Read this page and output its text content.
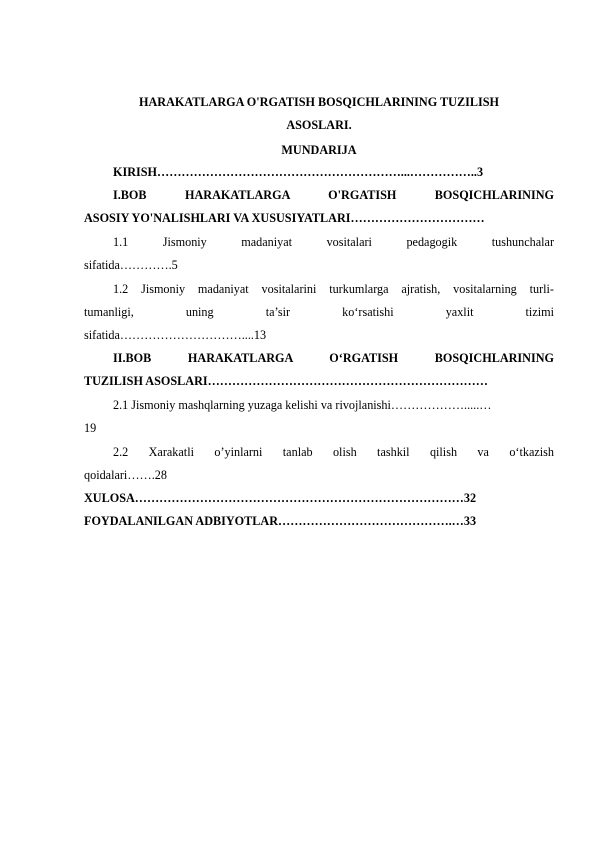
HARAKATLARGA O'RGATISH BOSQICHLARINING TUZILISH
ASOSLARI.
MUNDARIJA
KIRISH……………………………………………………...……………..3
I.BOB HARAKATLARGA O'RGATISH BOSQICHLARINING
ASOSIY YO'NALISHLARI VA XUSUSIYATLARI……………………………
1.1 Jismoniy madaniyat vositalari pedagogik tushunchalar
sifatida………….5
1.2 Jismoniy madaniyat vositalarini turkumlarga ajratish, vositalarning turli-
tumanligi, uning ta’sir ko‘rsatishi yaxlit tizimi
sifatida…………………………....13
II.BOB HARAKATLARGA O‘RGATISH BOSQICHLARINING
TUZILISH ASOSLARI……………………………………………………………
2.1 Jismoniy mashqlarning yuzaga kelishi va rivojlanishi……………….....…
19
2.2 Xarakatli o’yinlarni tanlab olish tashkil qilish va o‘tkazish
qoidalari…….28
XULOSA………………………………………………………………………32
FOYDALANILGAN ADBIYOTLAR…………………………………….…33
